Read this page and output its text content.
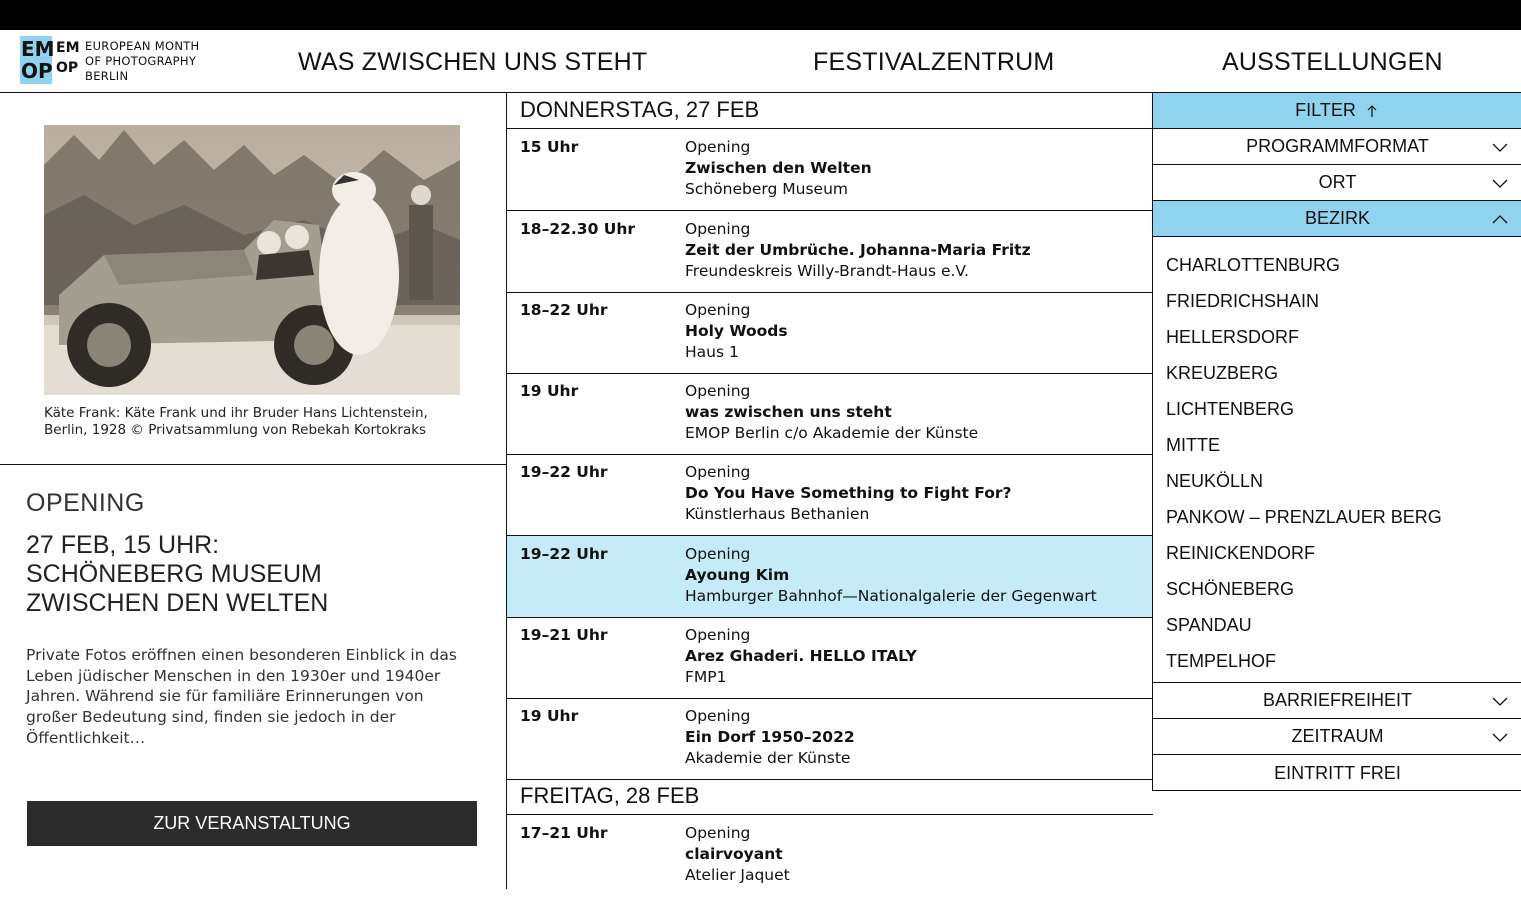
EM
OP
EM
OP
EUROPEAN MONTH
OF PHOTOGRAPHY
BERLIN	WAS ZWISCHEN UNS STEHT	FESTIVALZENTRUM	AUSSTELLUNGEN
Käte Frank: Käte Frank und ihr Bruder Hans Lichtenstein, Berlin, 1928 © Privatsammlung von Rebekah Kortokraks
OPENING
27 FEB, 15 UHR:
SCHÖNEBERG MUSEUM
ZWISCHEN DEN WELTEN
Private Fotos eröffnen einen besonderen Einblick in das Leben jüdischer Menschen in den 1930er und 1940er Jahren. Während sie für familiäre Erinnerungen von großer Bedeutung sind, finden sie jedoch in der Öffentlichkeit…
ZUR VERANSTALTUNG
DONNERSTAG, 27 FEB
15 Uhr	Opening
Zwischen den Welten
Schöneberg Museum
18–22.30 Uhr	Opening
Zeit der Umbrüche. Johanna-Maria Fritz
Freundeskreis Willy-Brandt-Haus e.V.
18–22 Uhr	Opening
Holy Woods
Haus 1
19 Uhr	Opening
was zwischen uns steht
EMOP Berlin c/o Akademie der Künste
19–22 Uhr	Opening
Do You Have Something to Fight For?
Künstlerhaus Bethanien
19–22 Uhr	Opening
Ayoung Kim
Hamburger Bahnhof—Nationalgalerie der Gegenwart
19–21 Uhr	Opening
Arez Ghaderi. HELLO ITALY
FMP1
19 Uhr	Opening
Ein Dorf 1950–2022
Akademie der Künste
FREITAG, 28 FEB
17–21 Uhr	Opening
clairvoyant
Atelier Jaquet
FILTER
PROGRAMMFORMAT
ORT
BEZIRK
CHARLOTTENBURG
FRIEDRICHSHAIN
HELLERSDORF
KREUZBERG
LICHTENBERG
MITTE
NEUKÖLLN
PANKOW – PRENZLAUER BERG
REINICKENDORF
SCHÖNEBERG
SPANDAU
TEMPELHOF
BARRIEFREIHEIT
ZEITRAUM
EINTRITT FREI
